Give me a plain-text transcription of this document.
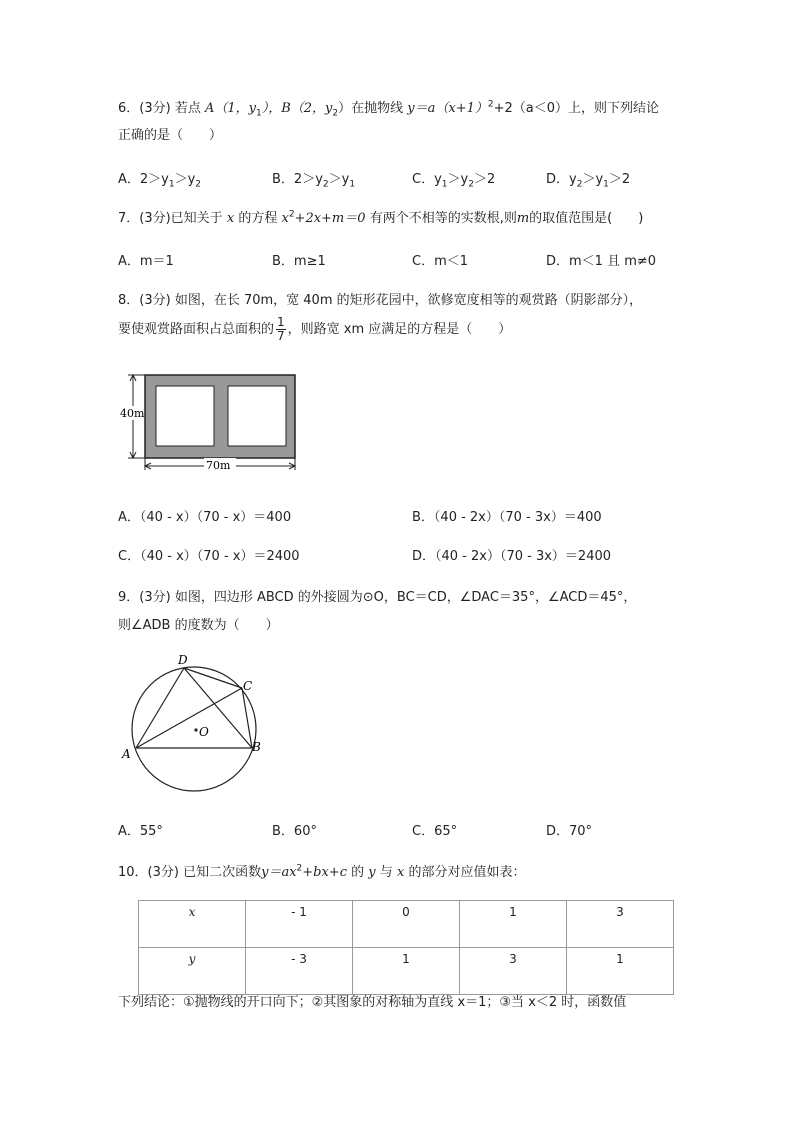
6．(3分) 若点 A（1，$y_1$），B（2，$y_2$）在抛物线 $y=a(x+1)^2+2(a<0)$上，则下列结论
正确的是（　　）
A．$2>y_1>y_2$	B．$2>y_2>y_1$	C．$y_1>y_2>2$	D．$y_2>y_1>2$
7．(3分)已知关于 x 的方程 $x^2+2x+m=0$ 有两个不相等的实数根,则m的取值范围是(　　)
A．m＝1	B．m≥1	C．m＜1	D．m＜1 且 m≠0
8．(3分) 如图，在长 70m，宽 40m 的矩形花园中，欲修宽度相等的观赏路（阴影部分），
要使观赏路面积占总面积的 $\frac{1}{7}$ ，则路宽 xm 应满足的方程是（　　）
40m
70m
A．（40 - x）（70 - x）＝400	B．（40 - 2x）（70 - 3x）＝400
C．（40 - x）（70 - x）＝2400	D．（40 - 2x）（70 - 3x）＝2400
9．(3分) 如图，四边形 ABCD 的外接圆为⊙O，BC＝CD，∠DAC＝35°，∠ACD＝45°，
则∠ADB 的度数为（　　）
O
A	B
C
D
A．55°	B．60°	C．65°	D．70°
10．(3分) 已知二次函数$y=ax^2+bx+c$ 的 y 与 x 的部分对应值如表：
x	- 1	0	1	3
y	- 3	1	3	1
下列结论：①抛物线的开口向下；②其图象的对称轴为直线 x＝1；③当 x＜2 时，函数值
